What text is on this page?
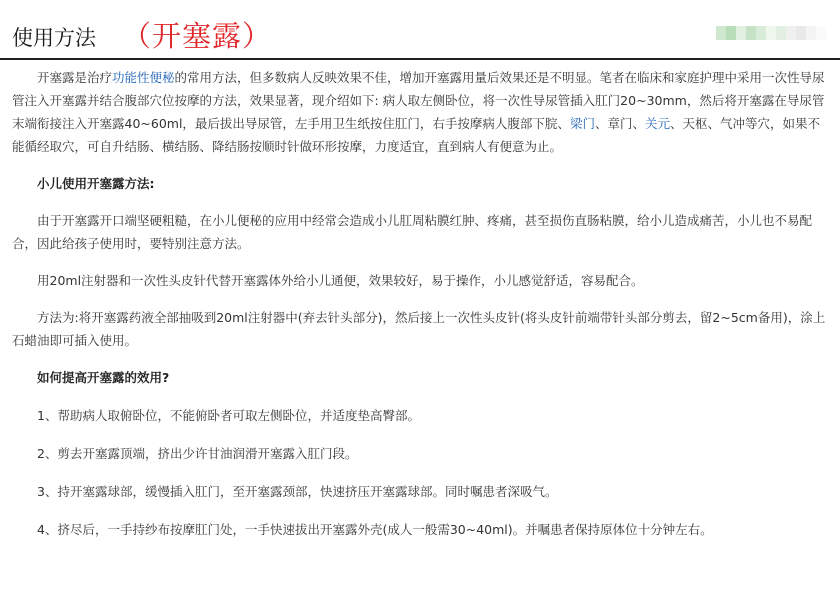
使用方法 （开塞露）

开塞露是治疗功能性便秘的常用方法，但多数病人反映效果不佳，增加开塞露用量后效果还是不明显。笔者在临床和家庭护理中采用一次性导尿管注入开塞露并结合腹部穴位按摩的方法，效果显著，现介绍如下: 病人取左侧卧位，将一次性导尿管插入肛门20~30mm，然后将开塞露在导尿管末端衔接注入开塞露40~60ml，最后拔出导尿管，左手用卫生纸按住肛门，右手按摩病人腹部下脘、梁门、章门、关元、天枢、气冲等穴，如果不能循经取穴，可自升结肠、横结肠、降结肠按顺时针做环形按摩，力度适宜，直到病人有便意为止。

小儿使用开塞露方法:

由于开塞露开口端坚硬粗糙，在小儿便秘的应用中经常会造成小儿肛周粘膜红肿、疼痛，甚至损伤直肠粘膜，给小儿造成痛苦，小儿也不易配合，因此给孩子使用时，要特别注意方法。

用20ml注射器和一次性头皮针代替开塞露体外给小儿通便，效果较好，易于操作，小儿感觉舒适，容易配合。

方法为:将开塞露药液全部抽吸到20ml注射器中(弃去针头部分)，然后接上一次性头皮针(将头皮针前端带针头部分剪去，留2~5cm备用)，涂上石蜡油即可插入使用。

如何提高开塞露的效用?

1、帮助病人取俯卧位，不能俯卧者可取左侧卧位，并适度垫高臀部。

2、剪去开塞露顶端，挤出少许甘油润滑开塞露入肛门段。

3、持开塞露球部，缓慢插入肛门，至开塞露颈部，快速挤压开塞露球部。同时嘱患者深吸气。

4、挤尽后，一手持纱布按摩肛门处，一手快速拔出开塞露外壳(成人一般需30~40ml)。并嘱患者保持原体位十分钟左右。
